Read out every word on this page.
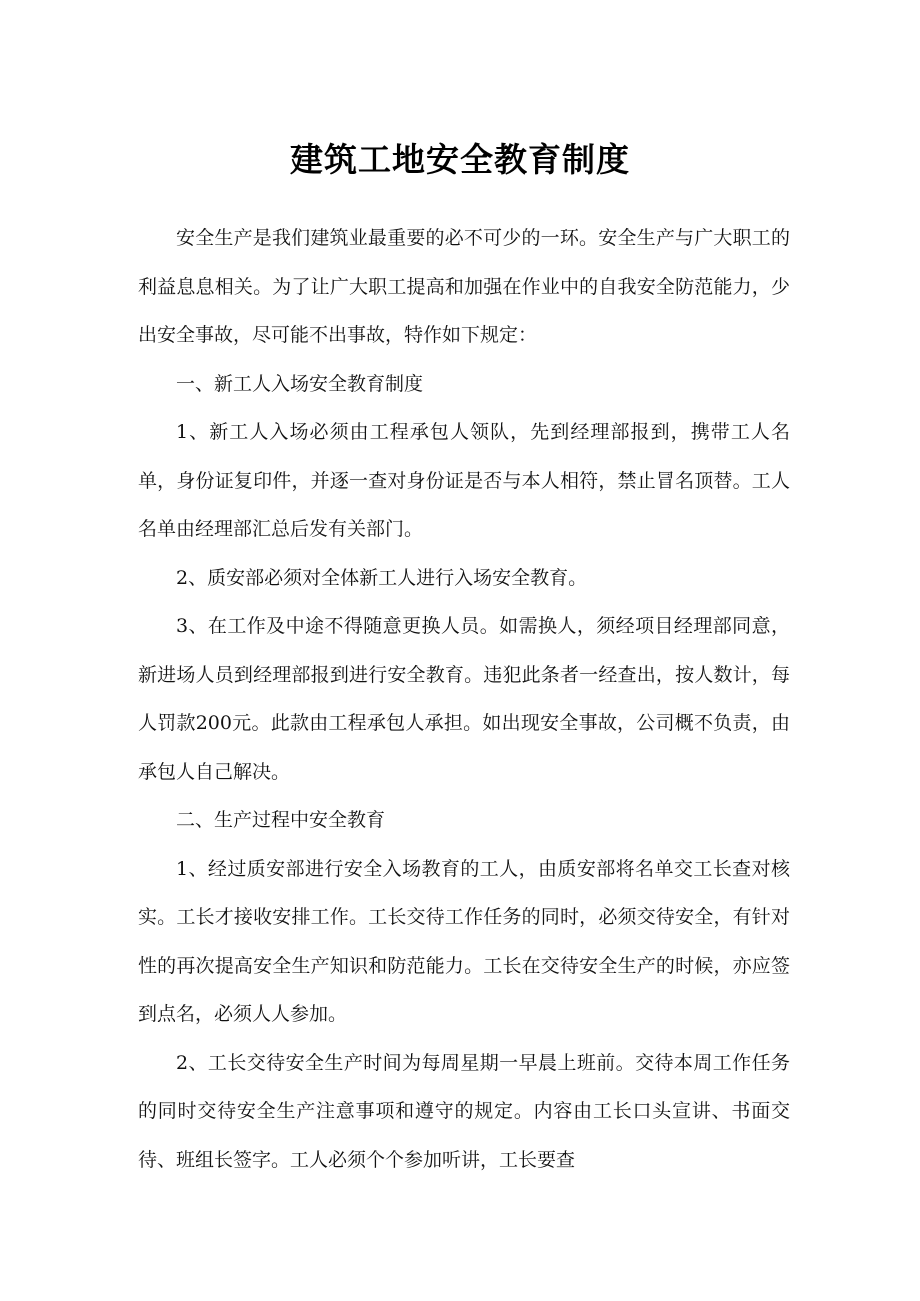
建筑工地安全教育制度

安全生产是我们建筑业最重要的必不可少的一环。安全生产与广大职工的利益息息相关。为了让广大职工提高和加强在作业中的自我安全防范能力，少出安全事故，尽可能不出事故，特作如下规定：

一、新工人入场安全教育制度

1、新工人入场必须由工程承包人领队，先到经理部报到，携带工人名单，身份证复印件，并逐一查对身份证是否与本人相符，禁止冒名顶替。工人名单由经理部汇总后发有关部门。

2、质安部必须对全体新工人进行入场安全教育。

3、在工作及中途不得随意更换人员。如需换人，须经项目经理部同意，新进场人员到经理部报到进行安全教育。违犯此条者一经查出，按人数计，每人罚款200元。此款由工程承包人承担。如出现安全事故，公司概不负责，由承包人自己解决。

二、生产过程中安全教育

1、经过质安部进行安全入场教育的工人，由质安部将名单交工长查对核实。工长才接收安排工作。工长交待工作任务的同时，必须交待安全，有针对性的再次提高安全生产知识和防范能力。工长在交待安全生产的时候，亦应签到点名，必须人人参加。

2、工长交待安全生产时间为每周星期一早晨上班前。交待本周工作任务的同时交待安全生产注意事项和遵守的规定。内容由工长口头宣讲、书面交待、班组长签字。工人必须个个参加听讲，工长要查
